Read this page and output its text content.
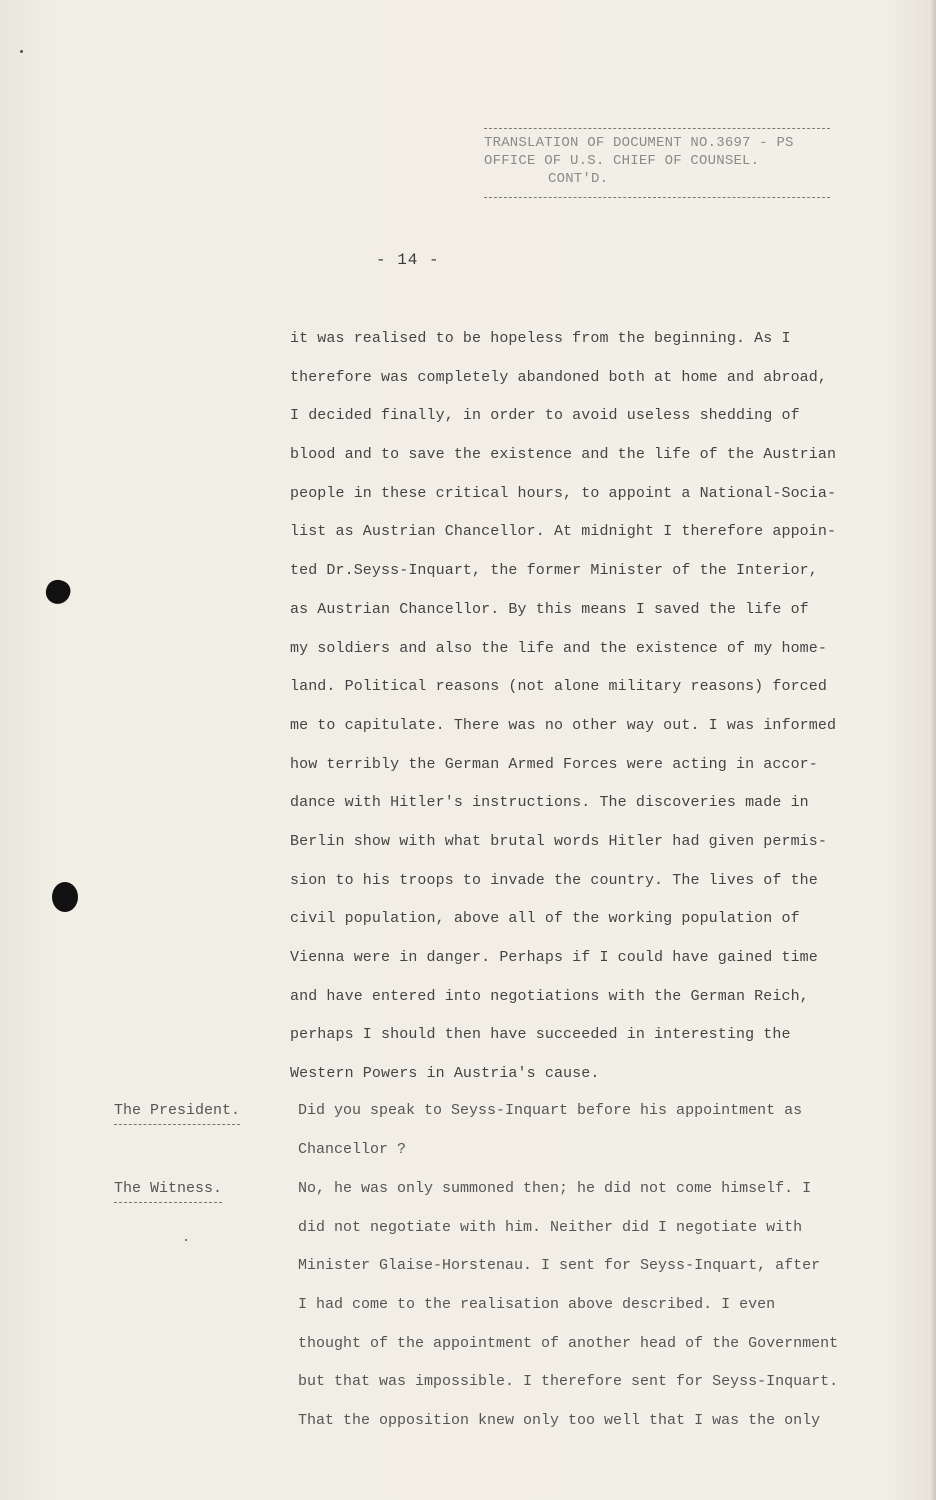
TRANSLATION OF DOCUMENT NO.3697 - PS
OFFICE OF U.S. CHIEF OF COUNSEL.
CONT'D.
- 14 -
it was realised to be hopeless from the beginning. As I
therefore was completely abandoned both at home and abroad,
I decided finally, in order to avoid useless shedding of
blood and to save the existence and the life of the Austrian
people in these critical hours, to appoint a National-Socia-
list as Austrian Chancellor. At midnight I therefore appoin-
ted Dr.Seyss-Inquart, the former Minister of the Interior,
as Austrian Chancellor. By this means I saved the life of
my soldiers and also the life and the existence of my home-
land. Political reasons (not alone military reasons) forced
me to capitulate. There was no other way out. I was informed
how terribly the German Armed Forces were acting in accor-
dance with Hitler's instructions. The discoveries made in
Berlin show with what brutal words Hitler had given permis-
sion to his troops to invade the country. The lives of the
civil population, above all of the working population of
Vienna were in danger. Perhaps if I could have gained time
and have entered into negotiations with the German Reich,
perhaps I should then have succeeded in interesting the
Western Powers in Austria's cause.
The President.	Did you speak to Seyss-Inquart before his appointment as
Chancellor ?
The Witness.	No, he was only summoned then; he did not come himself. I
did not negotiate with him. Neither did I negotiate with
Minister Glaise-Horstenau. I sent for Seyss-Inquart, after
I had come to the realisation above described. I even
thought of the appointment of another head of the Government
but that was impossible. I therefore sent for Seyss-Inquart.
That the opposition knew only too well that I was the only
